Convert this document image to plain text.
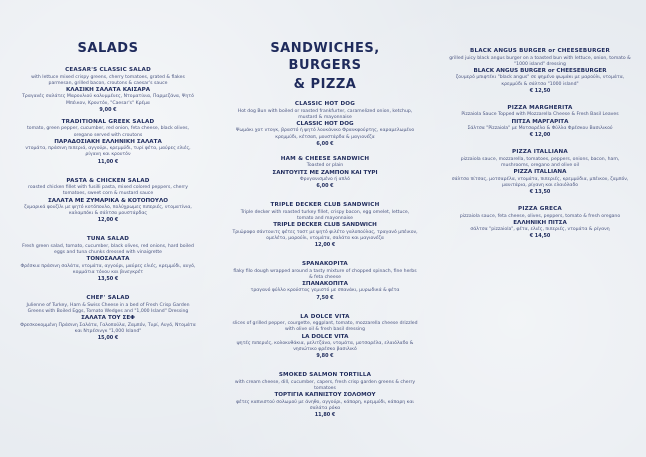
SALADS
CEASAR'S CLASSIC SALAD
with lettuce mixed crispy greens, cherry tomatoes, grated & flakes parmesan, grilled bacon, croutons & caesar's sauce
ΚΛΑΣΙΚΗ ΣΑΛΑΤΑ ΚΑΙΣΑΡΑ
Τραγανές σαλάτες Μαρουλιού καλυμμένες, Ντοματίνια, Παρμεζάνα, Ψητό Μπέικον, Κρουτόν, "Caesar's" Κρέμα
9,00 €
TRADITIONAL GREEK SALAD
tomato, green pepper, cucumber, red onion, feta cheese, black olives, oregano served with croutons
ΠΑΡΑΔΟΣΙΑΚΗ ΕΛΛΗΝΙΚΗ ΣΑΛΑΤΑ
ντομάτα, πράσινη πιπεριά, αγγούρι, κρεμμύδι, τυρί φέτα, μαύρες ελιές, ρίγανη και κρουτόν
11,00 €
PASTA & CHICKEN SALAD
roasted chicken fillet with fusilli pasta, mixed colored peppers, cherry tomatoes, sweet corn & mustard sauce
ΣΑΛΑΤΑ ΜΕ ΖΥΜΑΡΙΚΑ & ΚΟΤΟΠΟΥΛΟ
ζυμαρικά φουζίλι με ψητό κοτόπουλο, πολύχρωμες πιπεριές, ντοματίνια, καλαμπόκι & σάλτσα μουστάρδας
12,00 €
TUNA SALAD
Fresh green salad, tomato, cucumber, black olives, red onions, hard boiled eggs and tuna chunks dressed with vinaigrette
ΤΟΝΟΣΑΛΑΤΑ
Φρέσκια πράσινη σαλάτα, ντομάτα, αγγούρι, μαύρες ελιές, κρεμμύδι, αυγό, κομμάτια τόνου και βινεγκρέτ
13,50 €
CHEF' SALAD
Julienne of Turkey, Ham & Swiss Cheese in a bed of Fresh Crisp Garden Greens with Boiled Eggs, Tomato Wedges and "1,000 Island" Dressing
ΣΑΛΑΤΑ ΤΟΥ ΣΕΦ
Φρεσκοκομμένη Πράσινη Σαλάτα, Γαλοπούλα, Ζαμπόν, Τυρί, Αυγό, Ντομάτα και Ντρέσινγκ "1,000 Island"
15,00 €
SANDWICHES, BURGERS
& PIZZA
CLASSIC HOT DOG
Hot dog Bun with boiled or roasted frankfurter, caramelized onion, ketchup, mustard & mayonnaise
CLASSIC HOT DOG
Ψωμάκι χοτ ντογκ, βραστό ή ψητό λουκάνικο Φρανκφούρτης, καραμελωμένο κρεμμύδι, κέτσαπ, μουστάρδα & μαγιονέζα
6,00 €
HAM & CHEESE SANDWICH
Toasted or plain
ΣΑΝΤΟΥΙΤΣ ΜΕ ΖΑΜΠΟΝ ΚΑΙ ΤΥΡΙ
Φρυγανισμένο ή απλό
6,00 €
TRIPLE DECKER CLUB SANDWICH
Triple decker with roasted turkey fillet, crispy bacon, egg omelet, lettuce, tomato and mayonnaise
TRIPLE DECKER CLUB SANDWICH
Τριώροφο σάντουιτς φέτες τοστ με ψητό φιλέτο γαλοπούλας, τραγανό μπέικον, ομελέτα, μαρούλι, ντομάτα, σαλάτα και μαγιονέζα
12,00 €
SPANAKOPITA
flaky filo dough wrapped around a tasty mixture of chopped spinach, fine herbs & feta cheese
ΣΠΑΝΑΚΟΠΙΤΑ
τραγανό φύλλο κρούστας γεμιστό με σπανάκι, μυρωδικά & φέτα
7,50 €
LA DOLCE VITA
slices of grilled pepper, courgette, eggplant, tomato, mozzarella cheese drizzled with olive oil & fresh basil dressing
LA DOLCE VITA
ψητές πιπεριές, κολοκυθάκια, μελιτζάνα, ντομάτα, μοτσαρέλα, ελαιόλαδο & νησιώτικο φρέσκο βασιλικό
9,80 €
SMOKED SALMON TORTILLA
with cream cheese, dill, cucumber, capers, fresh crisp garden greens & cherry tomatoes
ΤΟΡΤΙΓΙΑ ΚΑΠΝΙΣΤΟΥ ΣΟΛΟΜΟΥ
φέτες καπνιστού σολωμού με άνηθο, αγγούρι, κάπαρη, κρεμμύδι, κάπαρη και σαλάτα ρόκα
11,80 €
BLACK ANGUS BURGER or CHEESEBURGER
grilled juicy black angus burger on a toasted bun with lettuce, onion, tomato & "1000 island" dressing
BLACK ANGUS BURGER or CHEESEBURGER
ζουμερό μπιφτέκι "black angus" σε ψημένο ψωμάκι με μαρούλι, ντομάτα, κρεμμύδι & σάλτσα "1000 island"
€ 12,50
PIZZA MARGHERITA
Pizzaiola Sauce Topped with Mozzarella Cheese & Fresh Basil Leaves
ΠΙΤΣΑ ΜΑΡΓΑΡΙΤΑ
Σάλτσα "Pizzaiola" με Μοτσαρέλα & Φύλλα Φρέσκου Βασιλικού
€ 12,00
PIZZA ITALLIANA
pizzaiola sauce, mozzarella, tomatoes, peppers, onions, bacon, ham, mushrooms, oregano and olive oil
PIZZA ITALLIANA
σάλτσα πίτσας, μοτσαρέλα, ντομάτα, πιπεριές, κρεμμύδια, μπέικον, ζαμπόν, μανιτάρια, ρίγανη και ελαιόλαδο
€ 13,50
PIZZA GRECA
pizzaiola sauce, feta cheese, olives, peppers, tomato & fresh oregano
ΕΛΛΗΝΙΚΗ ΠΙΤΣΑ
σάλτσα "pizzaiola", φέτα, ελιές, πιπεριές, ντομάτα & ρίγανη
€ 14,50
